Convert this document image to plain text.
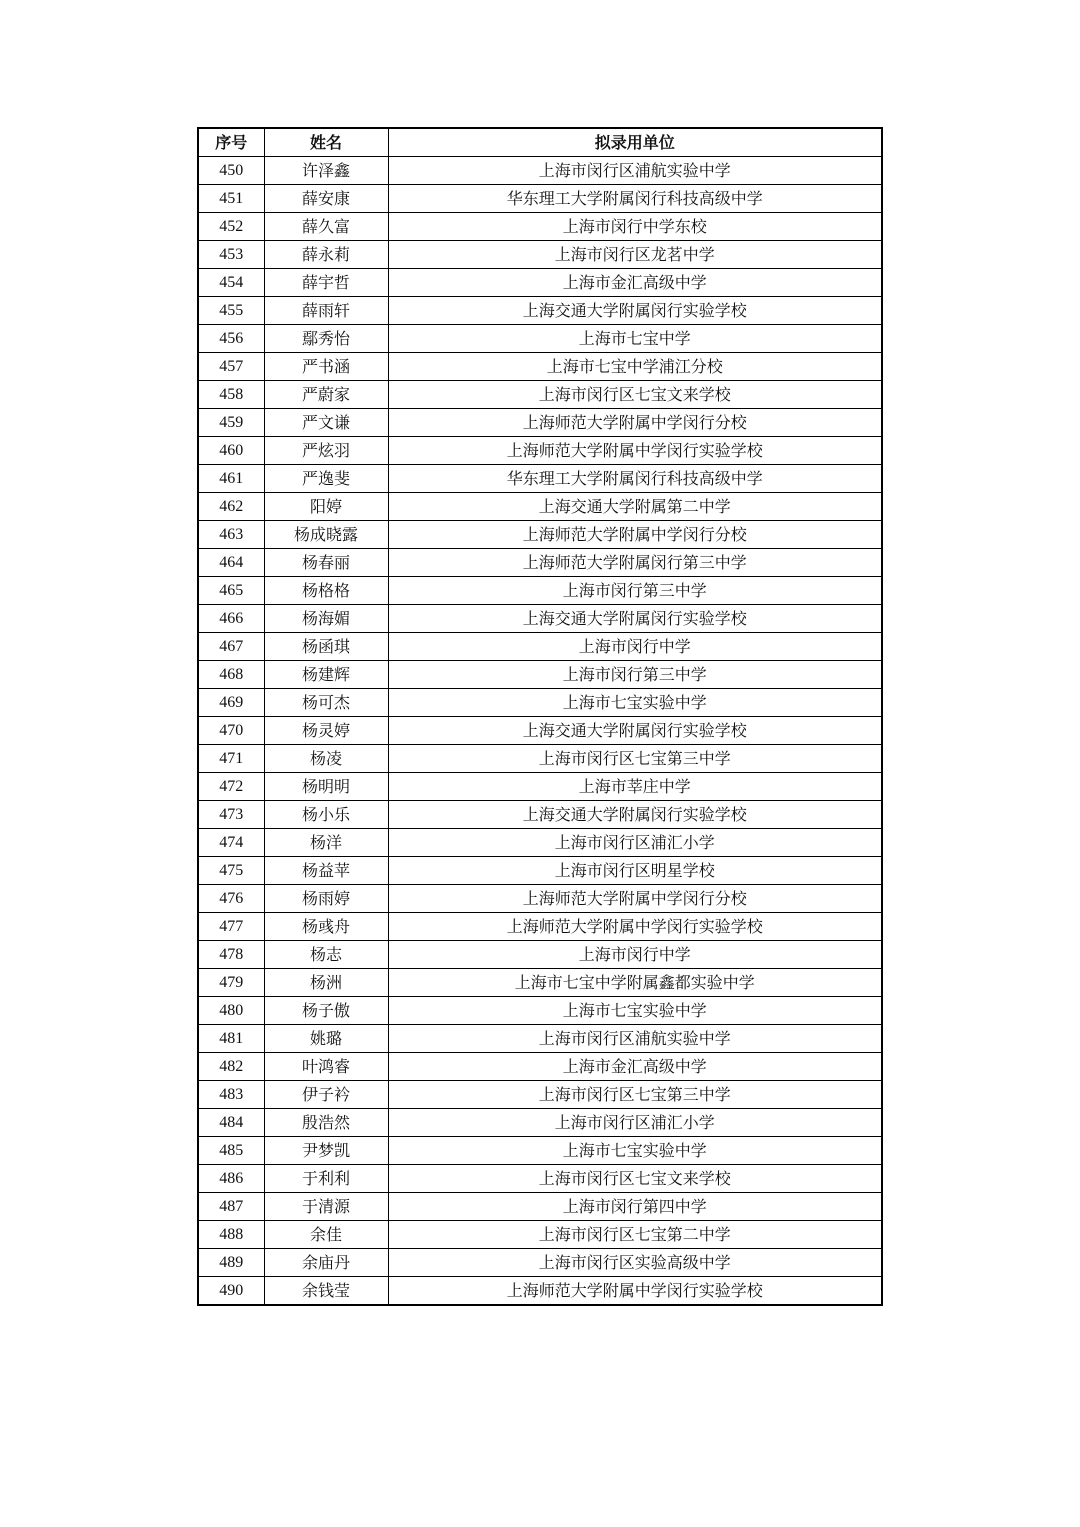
序号	姓名	拟录用单位
450	许泽鑫	上海市闵行区浦航实验中学
451	薛安康	华东理工大学附属闵行科技高级中学
452	薛久富	上海市闵行中学东校
453	薛永莉	上海市闵行区龙茗中学
454	薛宇哲	上海市金汇高级中学
455	薛雨轩	上海交通大学附属闵行实验学校
456	鄢秀怡	上海市七宝中学
457	严书涵	上海市七宝中学浦江分校
458	严蔚家	上海市闵行区七宝文来学校
459	严文谦	上海师范大学附属中学闵行分校
460	严炫羽	上海师范大学附属中学闵行实验学校
461	严逸斐	华东理工大学附属闵行科技高级中学
462	阳婷	上海交通大学附属第二中学
463	杨成晓露	上海师范大学附属中学闵行分校
464	杨春丽	上海师范大学附属闵行第三中学
465	杨格格	上海市闵行第三中学
466	杨海媚	上海交通大学附属闵行实验学校
467	杨函琪	上海市闵行中学
468	杨建辉	上海市闵行第三中学
469	杨可杰	上海市七宝实验中学
470	杨灵婷	上海交通大学附属闵行实验学校
471	杨凌	上海市闵行区七宝第三中学
472	杨明明	上海市莘庄中学
473	杨小乐	上海交通大学附属闵行实验学校
474	杨洋	上海市闵行区浦汇小学
475	杨益苹	上海市闵行区明星学校
476	杨雨婷	上海师范大学附属中学闵行分校
477	杨彧舟	上海师范大学附属中学闵行实验学校
478	杨志	上海市闵行中学
479	杨洲	上海市七宝中学附属鑫都实验中学
480	杨子傲	上海市七宝实验中学
481	姚璐	上海市闵行区浦航实验中学
482	叶鸿睿	上海市金汇高级中学
483	伊子衿	上海市闵行区七宝第三中学
484	殷浩然	上海市闵行区浦汇小学
485	尹梦凯	上海市七宝实验中学
486	于利利	上海市闵行区七宝文来学校
487	于清源	上海市闵行第四中学
488	余佳	上海市闵行区七宝第二中学
489	余庙丹	上海市闵行区实验高级中学
490	余钱莹	上海师范大学附属中学闵行实验学校
